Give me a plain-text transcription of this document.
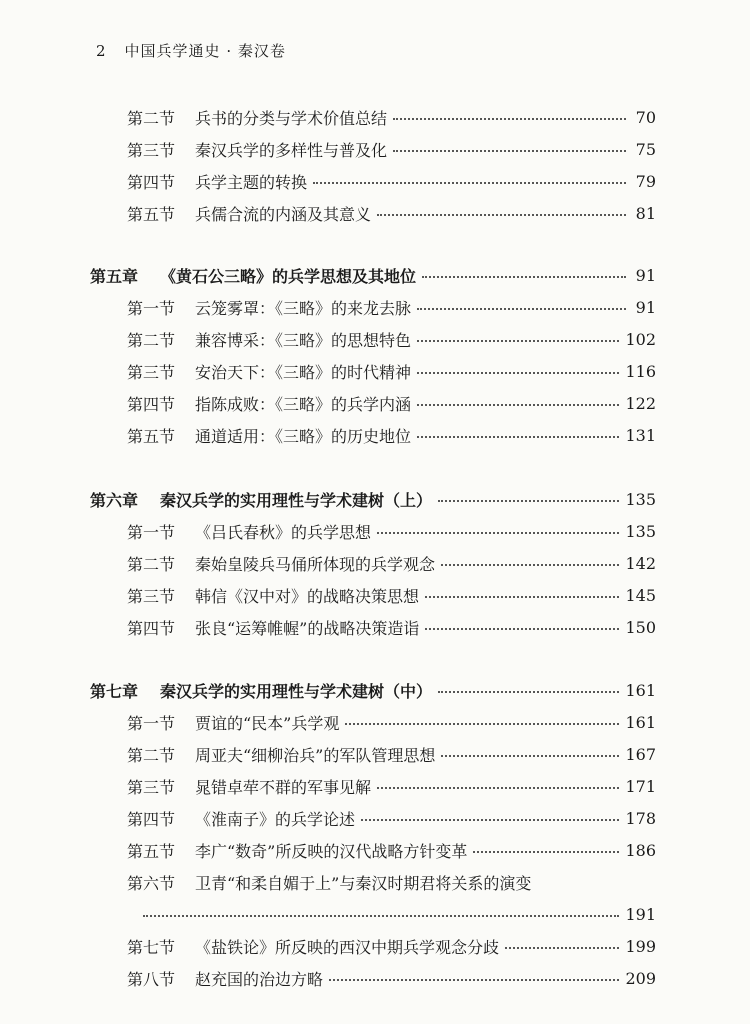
2 中国兵学通史 · 秦汉卷
第二节	兵书的分类与学术价值总结	70
第三节	秦汉兵学的多样性与普及化	75
第四节	兵学主题的转换	79
第五节	兵儒合流的内涵及其意义	81
第五章	《黄石公三略》的兵学思想及其地位	91
第一节	云笼雾罩：《三略》的来龙去脉	91
第二节	兼容博采：《三略》的思想特色	102
第三节	安治天下：《三略》的时代精神	116
第四节	指陈成败：《三略》的兵学内涵	122
第五节	通道适用：《三略》的历史地位	131
第六章	秦汉兵学的实用理性与学术建树（上）	135
第一节	《吕氏春秋》的兵学思想	135
第二节	秦始皇陵兵马俑所体现的兵学观念	142
第三节	韩信《汉中对》的战略决策思想	145
第四节	张良“运筹帷幄”的战略决策造诣	150
第七章	秦汉兵学的实用理性与学术建树（中）	161
第一节	贾谊的“民本”兵学观	161
第二节	周亚夫“细柳治兵”的军队管理思想	167
第三节	晁错卓荦不群的军事见解	171
第四节	《淮南子》的兵学论述	178
第五节	李广“数奇”所反映的汉代战略方针变革	186
第六节	卫青“和柔自媚于上”与秦汉时期君将关系的演变
191
第七节	《盐铁论》所反映的西汉中期兵学观念分歧	199
第八节	赵充国的治边方略	209
